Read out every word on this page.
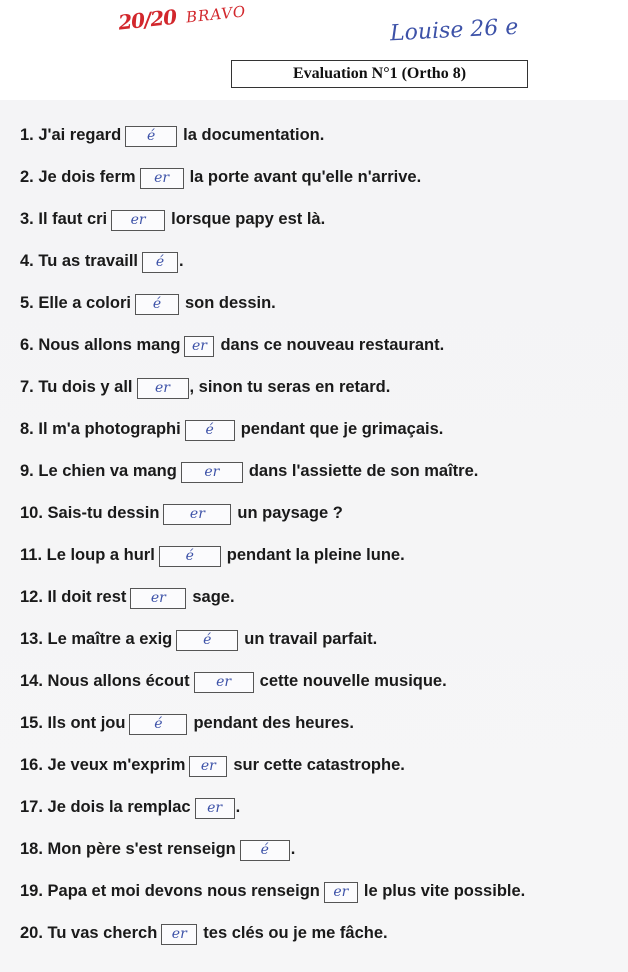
20/20 BRAVO
Louise 26 e
Evaluation N°1 (Ortho 8)
1.
J'ai regard	é	la documentation.
2.
Je dois ferm	er	la porte avant qu'elle n'arrive.
3.
Il faut cri	er	lorsque papy est là.
4.
Tu as travaill	é .
5.
Elle a colori	é	son dessin.
6.
Nous allons mang er dans ce nouveau restaurant.
7.
Tu dois y all	er	, sinon tu seras en retard.
8.
Il m'a photographi	é	pendant que je grimaçais.
9.
Le chien va mang	er	dans l'assiette de son maître.
10.
Sais-tu dessin	er	un paysage ?
11.
Le loup a hurl	é	pendant la pleine lune.
12.
Il doit rest	er	sage.
13.
Le maître a exig	é	un travail parfait.
14.
Nous allons écout	er	cette nouvelle musique.
15.
Ils ont jou	é	pendant des heures.
16.
Je veux m'exprim	er	sur cette catastrophe.
17.
Je dois la remplac	er .
18.
Mon père s'est renseign	é	.
19.
Papa et moi devons nous renseign er le plus vite possible.
20.
Tu vas cherch	er	tes clés ou je me fâche.
